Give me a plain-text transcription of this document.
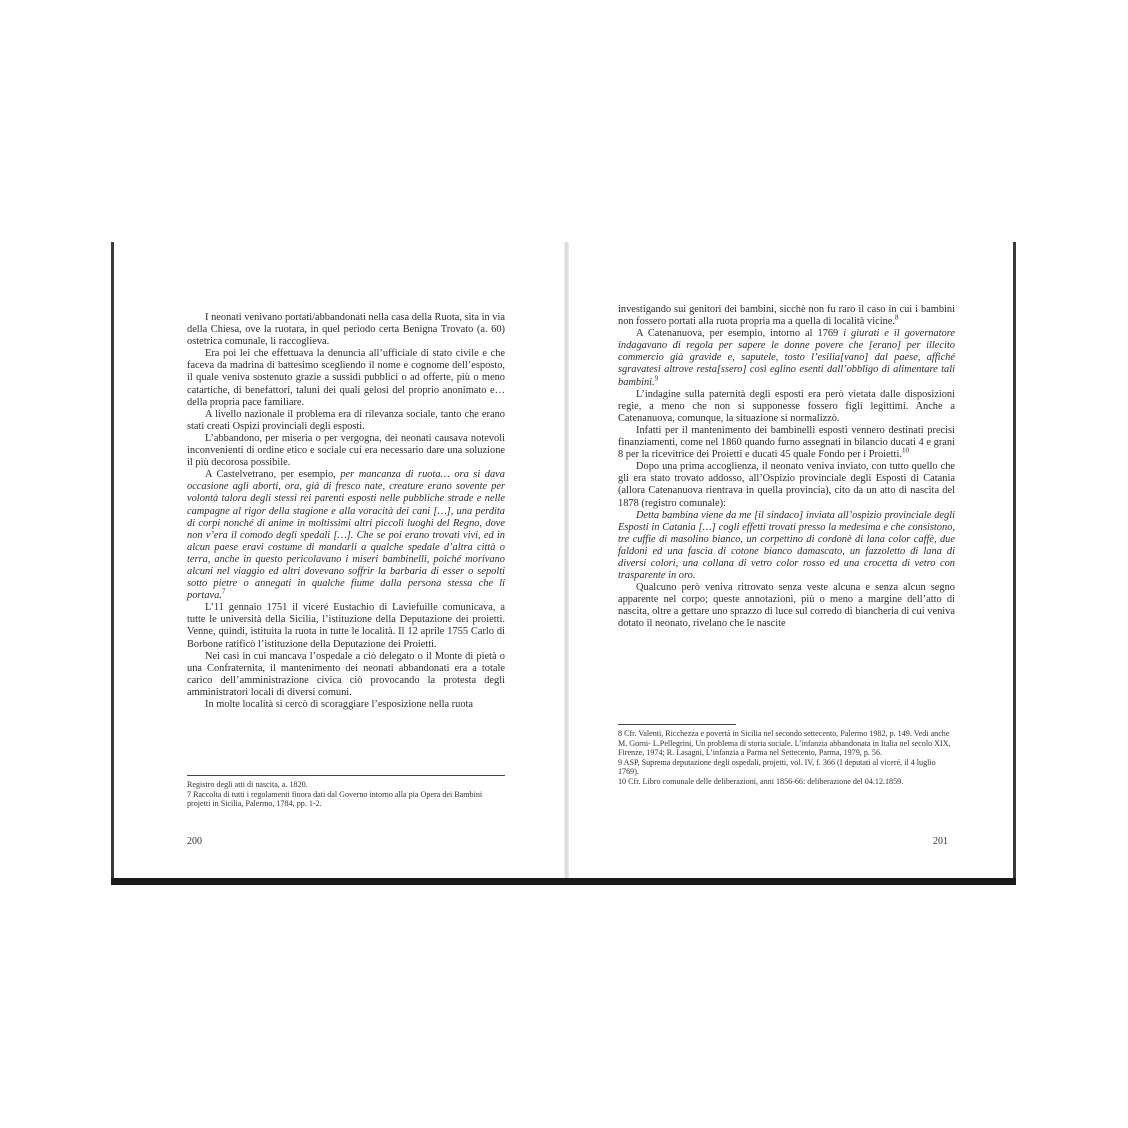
I neonati venivano portati/abbandonati nella casa della Ruota, sita in via della Chiesa, ove la ruotara, in quel periodo certa Benigna Trovato (a. 60) ostetrica comunale, li raccoglieva.

Era poi lei che effettuava la denuncia all’ufficiale di stato civile e che faceva da madrina di battesimo scegliendo il nome e cognome dell’esposto, il quale veniva sostenuto grazie a sussidi pubblici o ad offerte, più o meno catartiche, di benefattori, taluni dei quali gelosi del proprio anonimato e… della propria pace familiare.

A livello nazionale il problema era di rilevanza sociale, tanto che erano stati creati Ospizi provinciali degli esposti.

L’abbandono, per miseria o per vergogna, dei neonati causava notevoli inconvenienti di ordine etico e sociale cui era necessario dare una soluzione il più decorosa possibile.

A Castelvetrano, per esempio, per mancanza di ruota… ora si dava occasione agli aborti, ora, già di fresco nate, creature erano sovente per volontà talora degli stessi rei parenti esposti nelle pubbliche strade e nelle campagne al rigor della stagione e alla voracità dei cani […], una perdita di corpi nonché di anime in moltissimi altri piccoli luoghi del Regno, dove non v’era il comodo degli spedali […]. Che se poi erano trovati vivi, ed in alcun paese eravi costume di mandarli a qualche spedale d’altra città o terra, anche in questo pericolavano i miseri bambinelli, poiché morivano alcuni nel viaggio ed altri dovevano soffrir la barbaria di esser o sepolti sotto pietre o annegati in qualche fiume dalla persona stessa che li portava.$^7$

L’11 gennaio 1751 il viceré Eustachio di Laviefuille comunicava, a tutte le università della Sicilia, l’istituzione della Deputazione dei proietti. Venne, quindi, istituita la ruota in tutte le località. Il 12 aprile 1755 Carlo di Borbone ratificò l’istituzione della Deputazione dei Proietti.

Nei casi in cui mancava l’ospedale a ciò delegato o il Monte di pietà o una Confraternita, il mantenimento dei neonati abbandonati era a totale carico dell’amministrazione civica ciò provocando la protesta degli amministratori locali di diversi comuni.

In molte località si cercò di scoraggiare l’esposizione nella ruota

Registro degli atti di nascita, a. 1820.

7 Raccolta di tutti i regolamenti finora dati dal Governo intorno alla pia Opera dei Bambini projetti in Sicilia, Palermo, 1784, pp. 1-2.

200

investigando sui genitori dei bambini, sicchè non fu raro il caso in cui i bambini non fossero portati alla ruota propria ma a quella di località vicine.$^8$

A Catenanuova, per esempio, intorno al 1769 i giurati e il governatore indagavano di regola per sapere le donne povere che [erano] per illecito commercio già gravide e, saputele, tosto l’esilia[vano] dal paese, affiché sgravatesi altrove resta[ssero] così eglino esenti dall’obbligo di alimentare tali bambini.$^9$

L’indagine sulla paternità degli esposti era però vietata dalle disposizioni regie, a meno che non si supponesse fossero figli legittimi. Anche a Catenanuova, comunque, la situazione si normalizzò.

Infatti per il mantenimento dei bambinelli esposti vennero destinati precisi finanziamenti, come nel 1860 quando furno assegnati in bilancio ducati 4 e grani 8 per la ricevitrice dei Proietti e ducati 45 quale Fondo per i Proietti.$^{10}$

Dopo una prima accoglienza, il neonato veniva inviato, con tutto quello che gli era stato trovato addosso, all’Ospizio provinciale degli Esposti di Catania (allora Catenanuova rientrava in quella provincia), cito da un atto di nascita del 1878 (registro comunale):

Detta bambina viene da me [il sindaco] inviata all’ospizio provinciale degli Esposti in Catania […] cogli effetti trovati presso la medesima e che consistono, tre cuffie di masolino bianco, un corpettino di cordonè di lana color caffè, due faldoni ed una fascia di cotone bianco damascato, un fazzoletto di lana di diversi colori, una collana di vetro color rosso ed una crocetta di vetro con trasparente in oro.

Qualcuno però veniva ritrovato senza veste alcuna e senza alcun segno apparente nel corpo; queste annotazioni, più o meno a margine dell’atto di nascita, oltre a gettare uno sprazzo di luce sul corredo di biancheria di cui veniva dotato il neonato, rivelano che le nascite

8 Cfr. Valenti, Ricchezza e povertà in Sicilia nel secondo settecento, Palermo 1982, p. 149. Vedi anche M. Gorni- L.Pellegrini, Un problema di storia sociale. L’infanzia abbandonata in Italia nel secolo XIX, Firenze, 1974; R. Lasagni, L’infanzia a Parma nel Settecento, Parma, 1979, p. 56.

9 ASP, Suprema deputazione degli ospedali, projetti, vol. IV, f. 366 (I deputati al viceré, il 4 luglio 1769).

10 Cfr. Libro comunale delle deliberazioni, anni 1856-66: deliberazione del 04.12.1859.

201
